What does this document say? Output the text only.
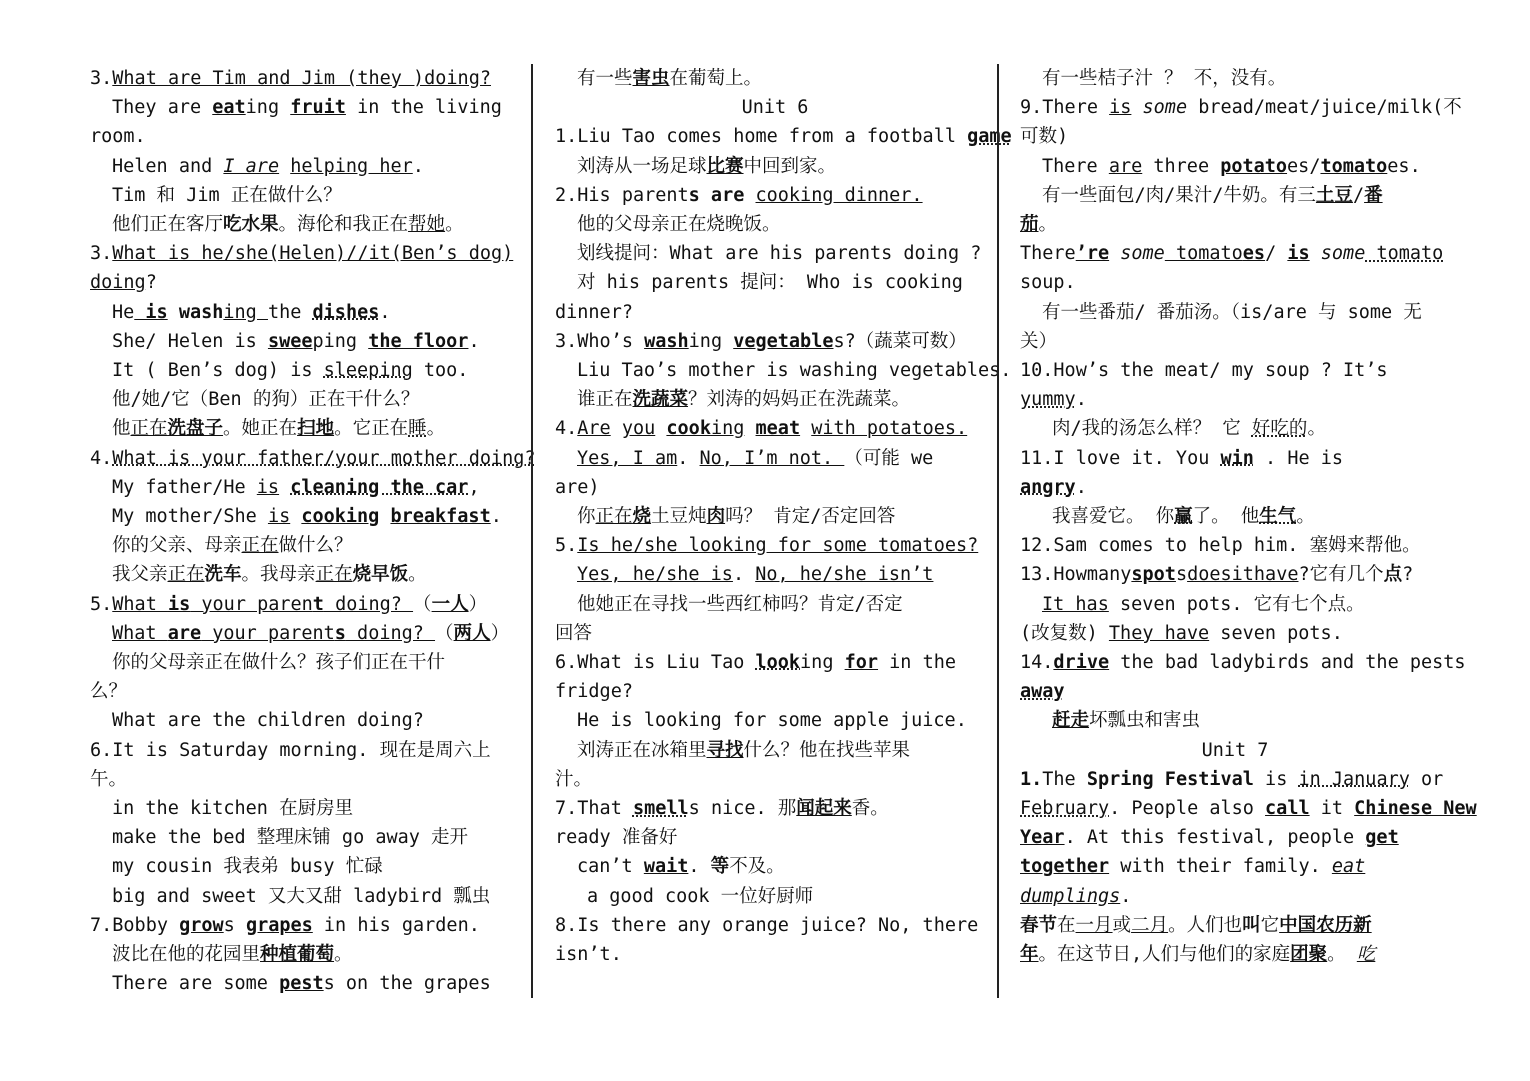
3.What are Tim and Jim (they )doing?
They are eating fruit in the living
room.
Helen and I are helping her.
Tim 和 Jim 正在做什么？
他们正在客厅吃水果。海伦和我正在帮她。
3.What is he/she(Helen)//it(Ben’s dog)
doing?
He is washing the dishes.
She/ Helen is sweeping the floor.
It ( Ben’s dog) is sleeping too.
他/她/它（Ben 的狗）正在干什么？
他正在洗盘子。她正在扫地。它正在睡。
4.What is your father/your mother doing?
My father/He is cleaning the car,
My mother/She is cooking breakfast.
你的父亲、母亲正在做什么？
我父亲正在洗车。我母亲正在烧早饭。
5.What is your parent doing? （一人）
What are your parents doing? （两人）
你的父母亲正在做什么？孩子们正在干什
么？
What are the children doing?
6.It is Saturday morning. 现在是周六上
午。
in the kitchen 在厨房里
make the bed 整理床铺 go away 走开
my cousin 我表弟 busy 忙碌
big and sweet 又大又甜 ladybird 瓢虫
7.Bobby grows grapes in his garden.
波比在他的花园里种植葡萄。
There are some pests on the grapes
有一些害虫在葡萄上。
Unit 6
1.Liu Tao comes home from a football game
刘涛从一场足球比赛中回到家。
2.His parents are cooking dinner.
他的父母亲正在烧晚饭。
划线提问：What are his parents doing ?
对 his parents 提问： Who is cooking
dinner?
3.Who’s washing vegetables?（蔬菜可数）
Liu Tao’s mother is washing vegetables.
谁正在洗蔬菜？刘涛的妈妈正在洗蔬菜。
4.Are you cooking meat with potatoes.
Yes, I am. No, I’m not. （可能 we
are)
你正在烧土豆炖肉吗？ 肯定/否定回答
5.Is he/she looking for some tomatoes?
Yes, he/she is. No, he/she isn’t
他她正在寻找一些西红柿吗？肯定/否定
回答
6.What is Liu Tao looking for in the
fridge?
He is looking for some apple juice.
刘涛正在冰箱里寻找什么？他在找些苹果
汁。
7.That smells nice. 那闻起来香。
ready 准备好
can’t wait. 等不及。
a good cook 一位好厨师
8.Is there any orange juice? No, there
isn’t.
有一些桔子汁 ？ 不，没有。
9.There is some bread/meat/juice/milk(不
可数)
There are three potatoes/tomatoes.
有一些面包/肉/果汁/牛奶。有三土豆/番
茄。
There’re some tomatoes/ is some tomato
soup.
有一些番茄/ 番茄汤。（is/are 与 some 无
关）
10.How’s the meat/ my soup ? It’s
yummy.
肉/我的汤怎么样？ 它 好吃的。
11.I love it. You win . He is
angry.
我喜爱它。 你赢了。 他生气。
12.Sam comes to help him. 塞姆来帮他。
13.Howmanyspotsdoesithave?它有几个点?
It has seven pots. 它有七个点。
(改复数) They have seven pots.
14.drive the bad ladybirds and the pests
away
赶走坏瓢虫和害虫
Unit 7
1.The Spring Festival is in January or
February. People also call it Chinese New
Year. At this festival, people get
together with their family. eat
dumplings.
春节在一月或二月。人们也叫它中国农历新
年。在这节日,人们与他们的家庭团聚。 吃
